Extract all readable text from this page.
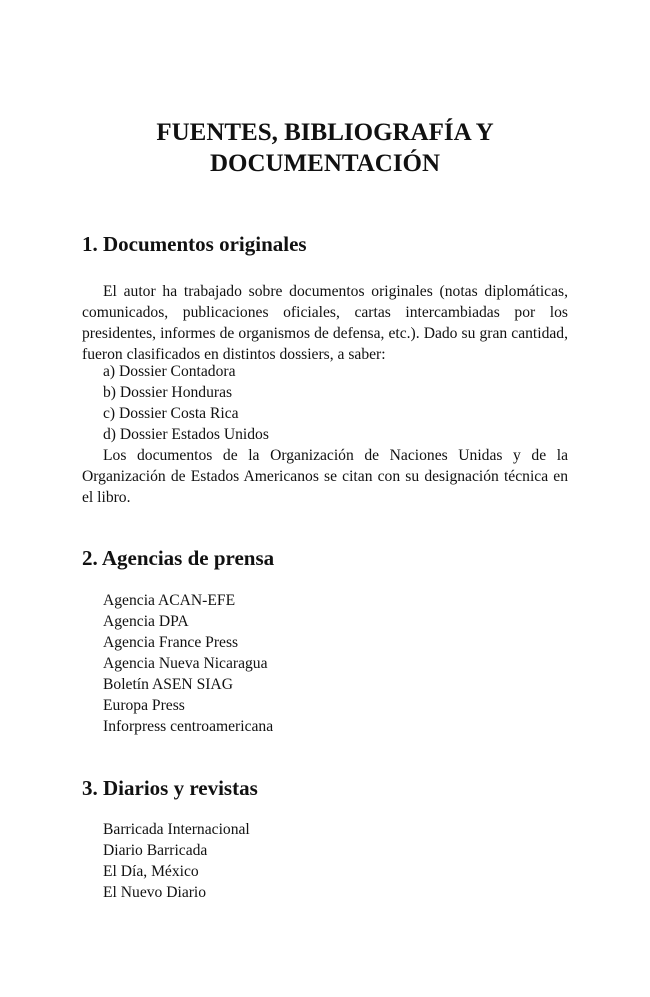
FUENTES, BIBLIOGRAFÍA Y
DOCUMENTACIÓN
1. Documentos originales

El autor ha trabajado sobre documentos originales (notas diplomáticas, comunicados, publicaciones oficiales, cartas intercambiadas por los presidentes, informes de organismos de defensa, etc.). Dado su gran cantidad, fueron clasificados en distintos dossiers, a saber:

a) Dossier Contadora
b) Dossier Honduras
c) Dossier Costa Rica
d) Dossier Estados Unidos

Los documentos de la Organización de Naciones Unidas y de la Organización de Estados Americanos se citan con su designación técnica en el libro.

2. Agencias de prensa
Agencia ACAN-EFE
Agencia DPA
Agencia France Press
Agencia Nueva Nicaragua
Boletín ASEN SIAG
Europa Press
Inforpress centroamericana
3. Diarios y revistas
Barricada Internacional
Diario Barricada
El Día, México
El Nuevo Diario
